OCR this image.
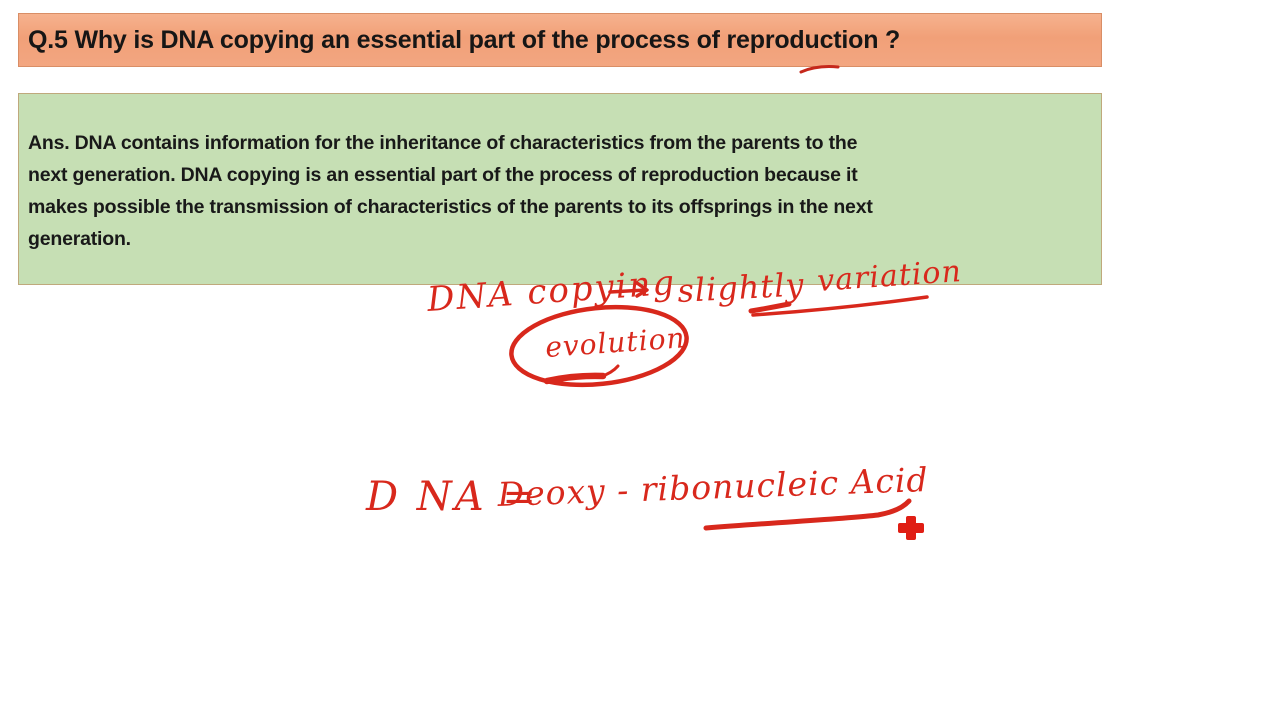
Q.5 Why is DNA copying an essential part of the process of reproduction ?
Ans. DNA contains information for the inheritance of characteristics from the parents to the
next generation. DNA copying is an essential part of the process of reproduction because it
makes possible the transmission of characteristics of the parents to its offsprings in the next
generation.
DNA copying slightly variation
evolution
D NA =
Deoxy - ribonucleic Acid
